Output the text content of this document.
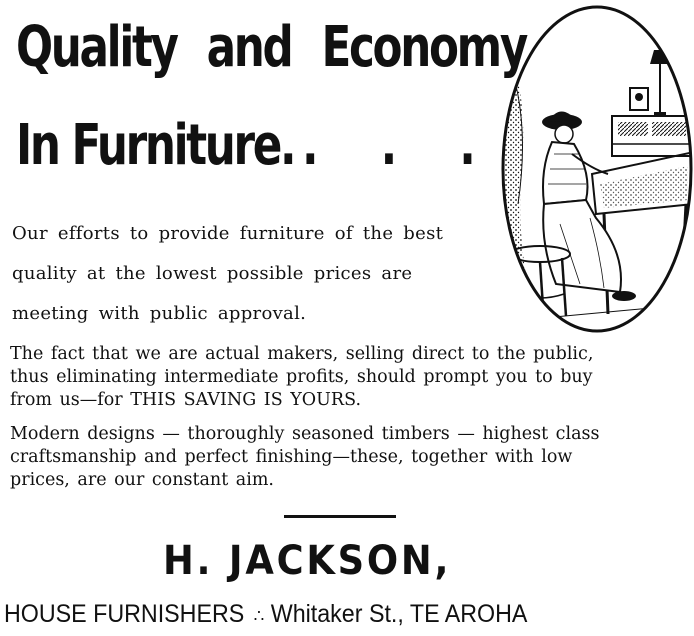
Quality and Economy
In Furniture. . . .
Our efforts to provide furniture of the best
quality at the lowest possible prices are
meeting with public approval.
The fact that we are actual makers, selling direct to the public,
thus eliminating intermediate profits, should prompt you to buy
from us—for THIS SAVING IS YOURS.
Modern designs — thoroughly seasoned timbers — highest class
craftsmanship and perfect finishing—these, together with low
prices, are our constant aim.
H. JACKSON,
HOUSE FURNISHERS ∴ Whitaker St., TE AROHA
